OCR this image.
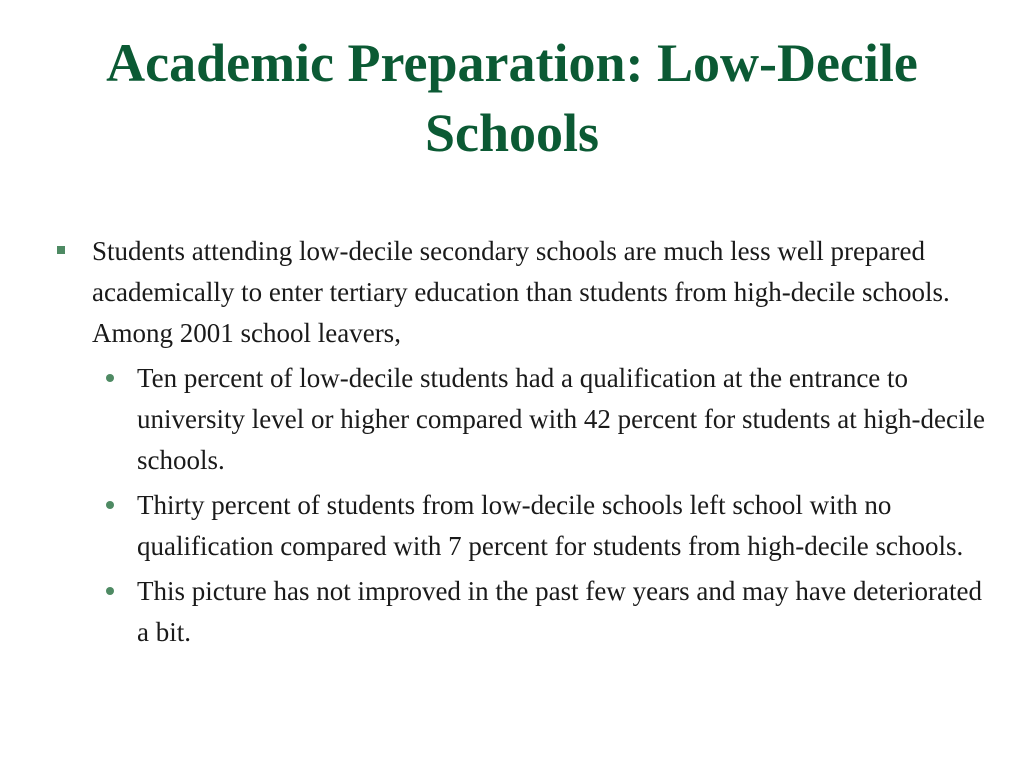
Academic Preparation: Low-Decile Schools
Students attending low-decile secondary schools are much less well prepared academically to enter tertiary education than students from high-decile schools. Among 2001 school leavers,
Ten percent of low-decile students had a qualification at the entrance to university level or higher compared with 42 percent for students at high-decile schools.
Thirty percent of students from low-decile schools left school with no qualification compared with 7 percent for students from high-decile schools.
This picture has not improved in the past few years and may have deteriorated a bit.
